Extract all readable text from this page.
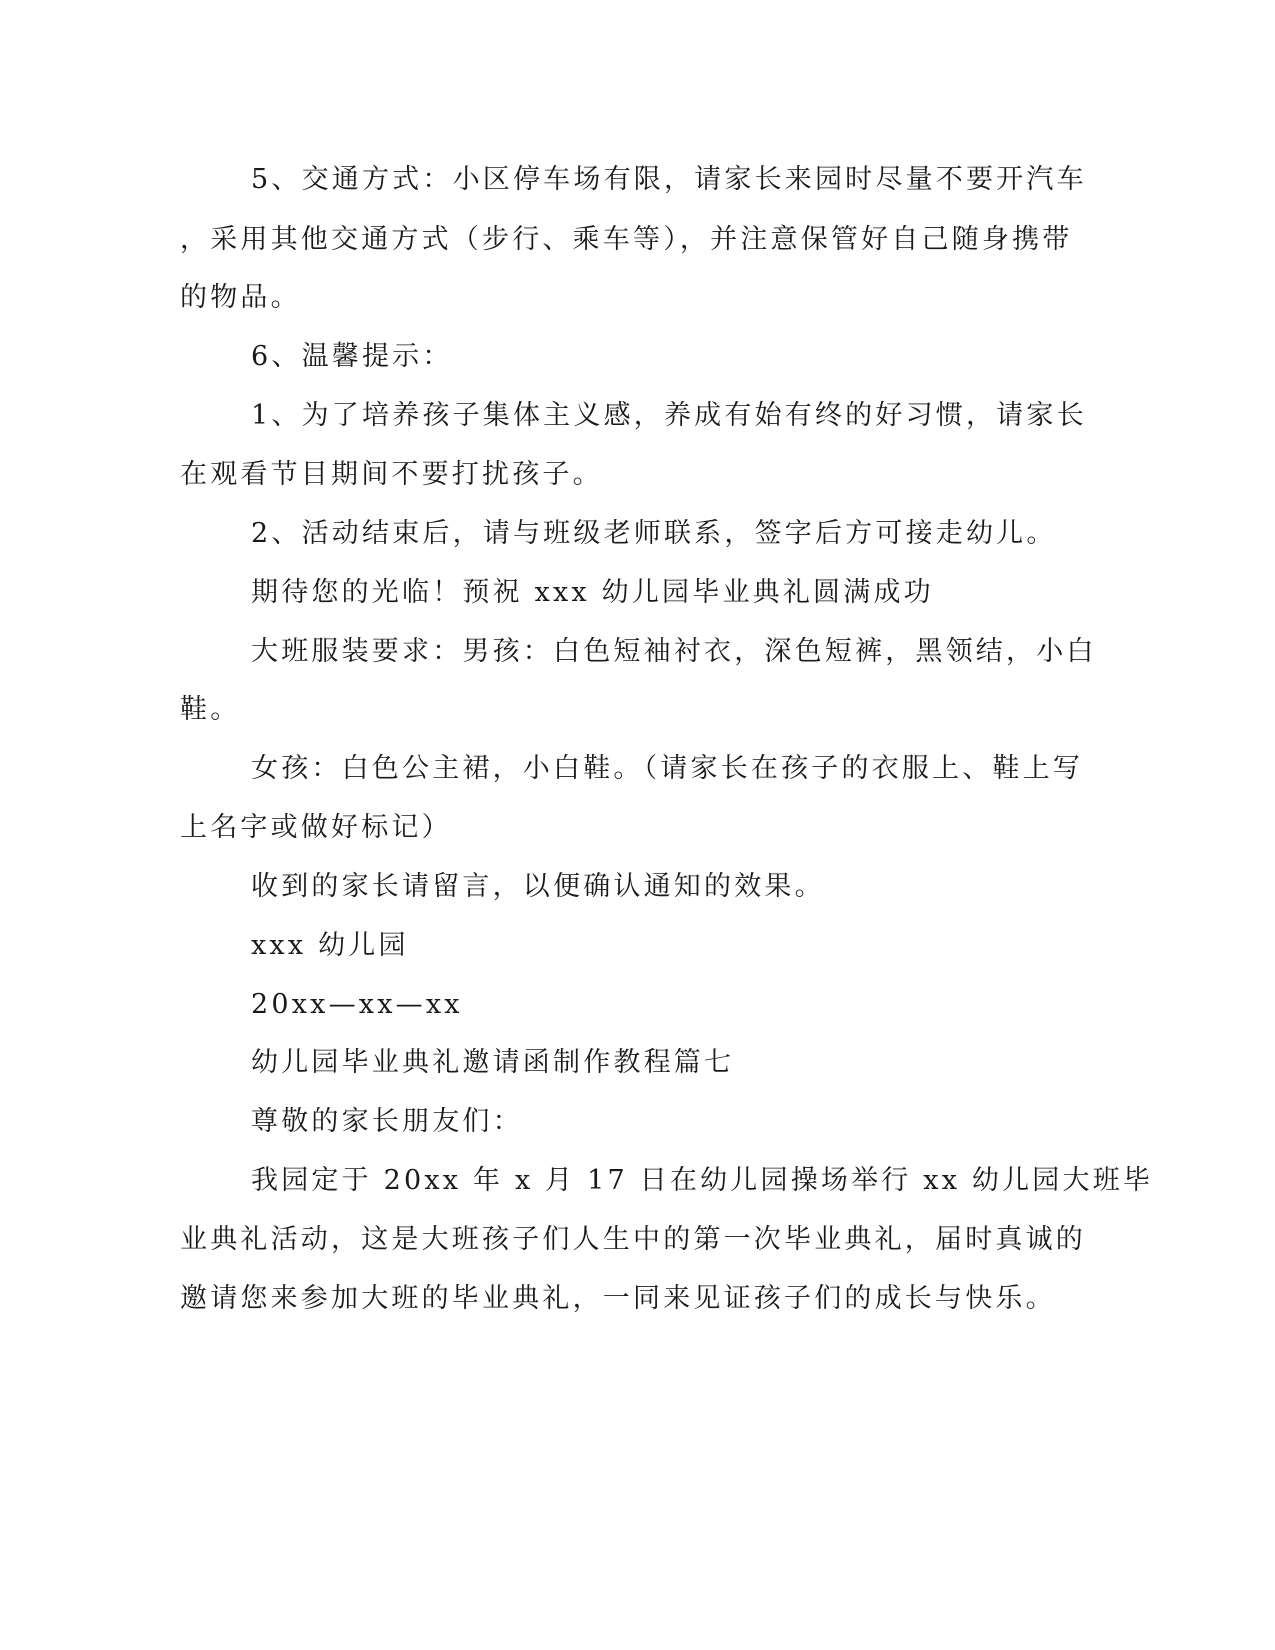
5、交通方式：小区停车场有限，请家长来园时尽量不要开汽车
，采用其他交通方式（步行、乘车等），并注意保管好自己随身携带
的物品。
6、温馨提示：
1、为了培养孩子集体主义感，养成有始有终的好习惯，请家长
在观看节目期间不要打扰孩子。
2、活动结束后，请与班级老师联系，签字后方可接走幼儿。
期待您的光临！预祝 xxx 幼儿园毕业典礼圆满成功
大班服装要求：男孩：白色短袖衬衣，深色短裤，黑领结，小白
鞋。
女孩：白色公主裙，小白鞋。（请家长在孩子的衣服上、鞋上写
上名字或做好标记）
收到的家长请留言，以便确认通知的效果。
xxx 幼儿园
20xx—xx—xx
幼儿园毕业典礼邀请函制作教程篇七
尊敬的家长朋友们：
我园定于 20xx 年 x 月 17 日在幼儿园操场举行 xx 幼儿园大班毕
业典礼活动，这是大班孩子们人生中的第一次毕业典礼，届时真诚的
邀请您来参加大班的毕业典礼，一同来见证孩子们的成长与快乐。
